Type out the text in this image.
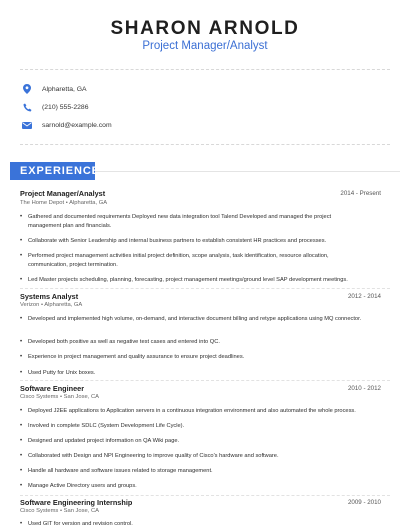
SHARON ARNOLD
Project Manager/Analyst
Alpharetta, GA
(210) 555-2286
sarnold@example.com
EXPERIENCE
Project Manager/Analyst	2014 - Present
The Home Depot • Alpharetta, GA
•	Gathered and documented requirements Deployed new data integration tool Talend Developed and managed the project management plan and financials.
•	Collaborate with Senior Leadership and internal business partners to establish consistent HR practices and processes.
•	Performed project management activities initial project definition, scope analysis, task identification, resource allocation, communication, project termination.
•	Led Master projects scheduling, planning, forecasting, project management meetings/ground level SAP development meetings.
Systems Analyst	2012 - 2014
Verizon • Alpharetta, GA
•	Developed and implemented high volume, on-demand, and interactive document billing and retype applications using MQ connector.
•	Developed both positive as well as negative test cases and entered into QC.
•	Experience in project management and quality assurance to ensure project deadlines.
•	Used Putty for Unix boxes.
Software Engineer	2010 - 2012
Cisco Systems • San Jose, CA
•	Deployed J2EE applications to Application servers in a continuous integration environment and also automated the whole process.
•	Involved in complete SDLC (System Development Life Cycle).
•	Designed and updated project information on QA Wiki page.
•	Collaborated with Design and NPI Engineering to improve quality of Cisco's hardware and software.
•	Handle all hardware and software issues related to storage management.
•	Manage Active Directory users and groups.
Software Engineering Internship	2009 - 2010
Cisco Systems • San Jose, CA
•	Used GIT for version and revision control.
